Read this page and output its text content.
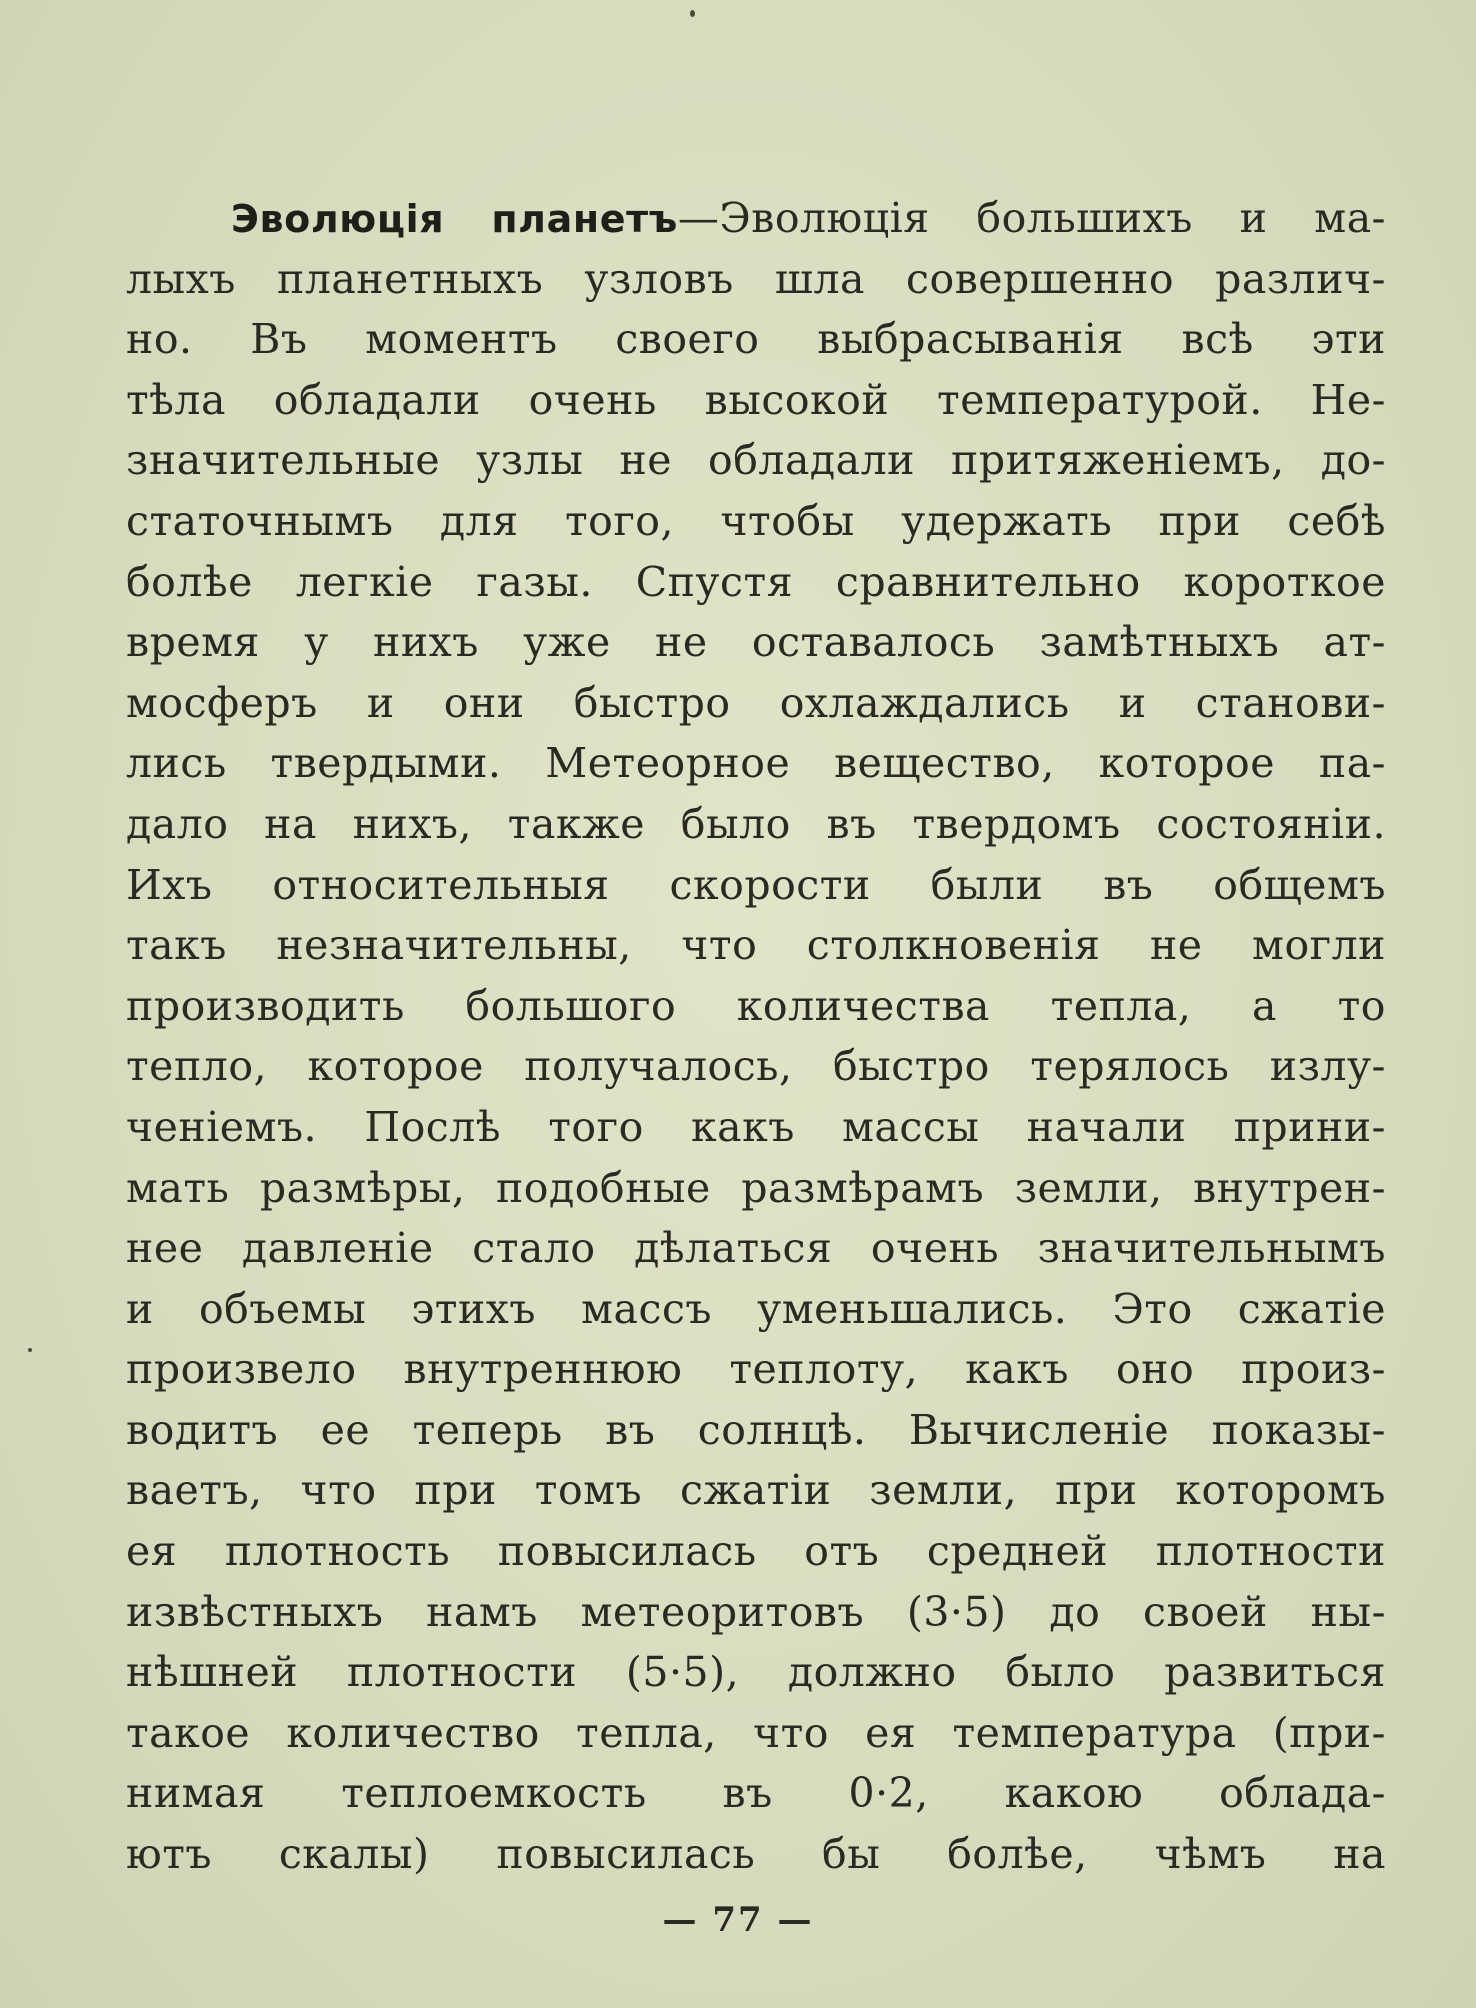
Эволюція планетъ—Эволюція большихъ и ма-
лыхъ планетныхъ узловъ шла совершенно различ-
но. Въ моментъ своего выбрасыванія всѣ эти
тѣла обладали очень высокой температурой. Не-
значительные узлы не обладали притяженіемъ, до-
статочнымъ для того, чтобы удержать при себѣ
болѣе легкіе газы. Спустя сравнительно короткое
время у нихъ уже не оставалось замѣтныхъ ат-
мосферъ и они быстро охлаждались и станови-
лись твердыми. Метеорное вещество, которое па-
дало на нихъ, также было въ твердомъ состояніи.
Ихъ относительныя скорости были въ общемъ
такъ незначительны, что столкновенія не могли
производить большого количества тепла, а то
тепло, которое получалось, быстро терялось излу-
ченіемъ. Послѣ того какъ массы начали прини-
мать размѣры, подобные размѣрамъ земли, внутрен-
нее давленіе стало дѣлаться очень значительнымъ
и объемы этихъ массъ уменьшались. Это сжатіе
произвело внутреннюю теплоту, какъ оно произ-
водитъ ее теперь въ солнцѣ. Вычисленіе показы-
ваетъ, что при томъ сжатіи земли, при которомъ
ея плотность повысилась отъ средней плотности
извѣстныхъ намъ метеоритовъ (3·5) до своей ны-
нѣшней плотности (5·5), должно было развиться
такое количество тепла, что ея температура (при-
нимая теплоемкость въ 0·2, какою облада-
ютъ скалы) повысилась бы болѣе, чѣмъ на
— 77 —
